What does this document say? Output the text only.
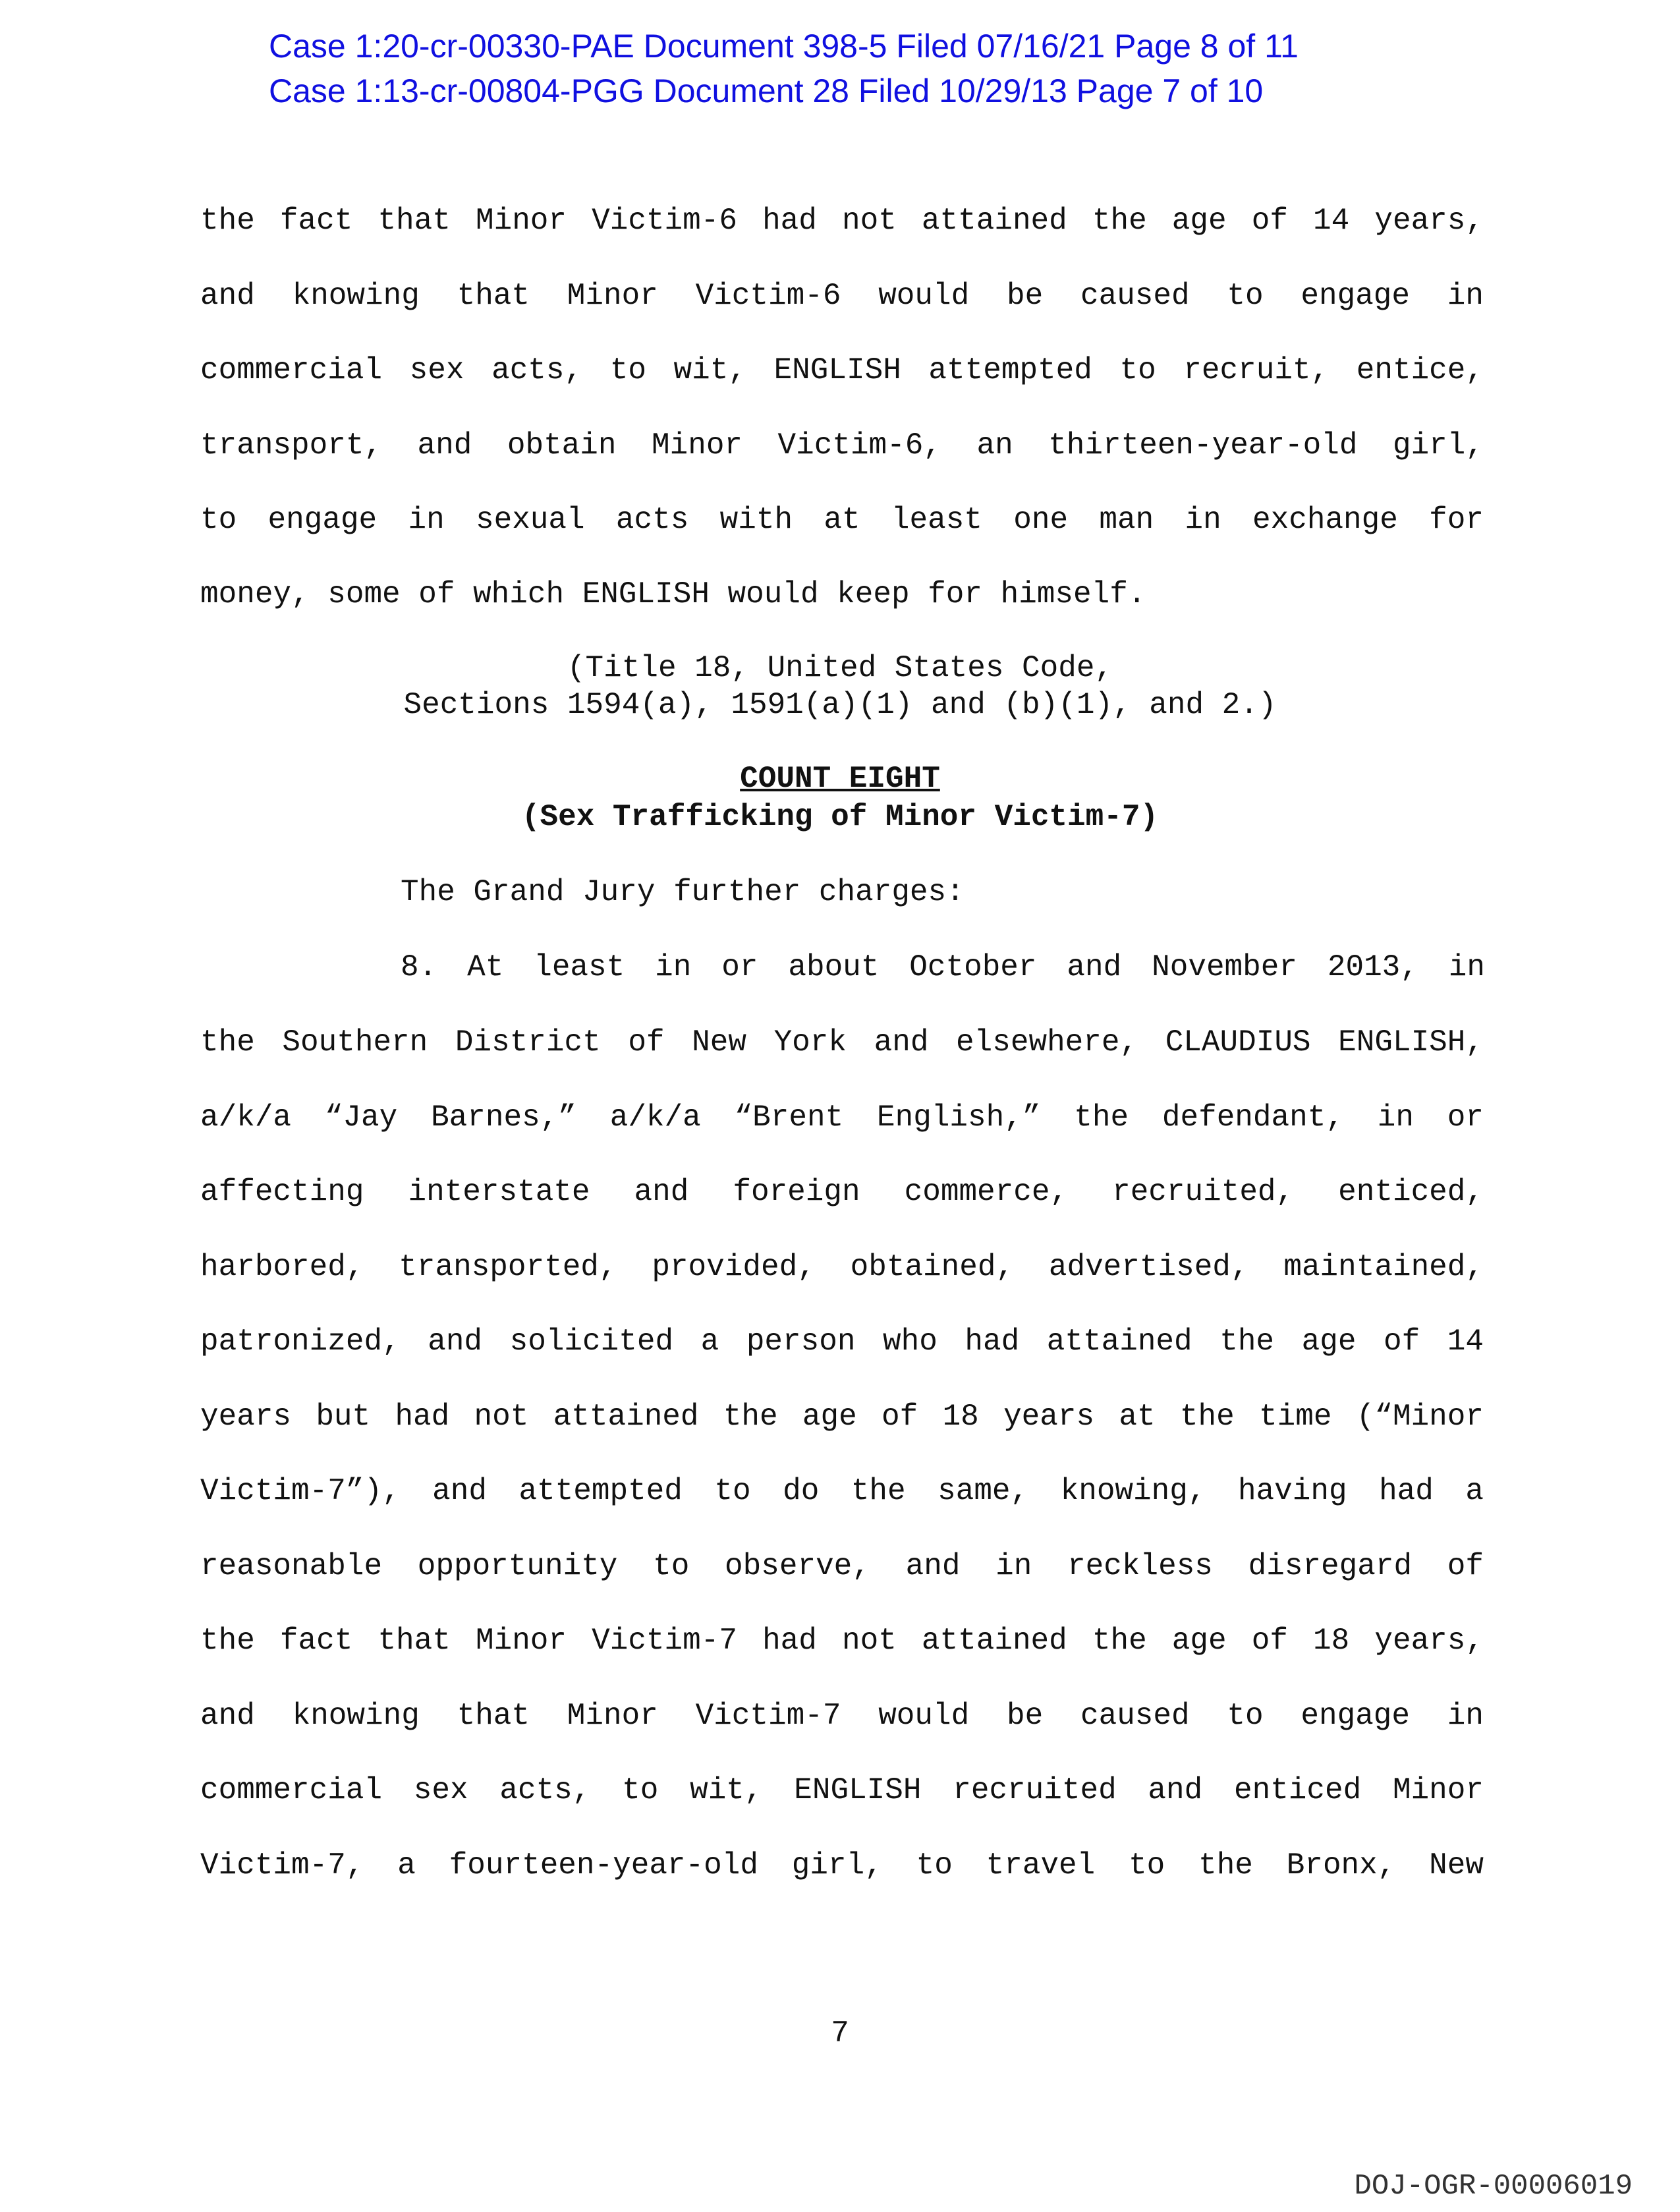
Case 1:20-cr-00330-PAE Document 398-5 Filed 07/16/21 Page 8 of 11
Case 1:13-cr-00804-PGG Document 28 Filed 10/29/13 Page 7 of 10
the fact that Minor Victim-6 had not attained the age of 14 years,
and knowing that Minor Victim-6 would be caused to engage in
commercial sex acts, to wit, ENGLISH attempted to recruit, entice,
transport, and obtain Minor Victim-6, an thirteen-year-old girl,
to engage in sexual acts with at least one man in exchange for
money, some of which ENGLISH would keep for himself.
(Title 18, United States Code,
Sections 1594(a), 1591(a)(1) and (b)(1), and 2.)
COUNT EIGHT
(Sex Trafficking of Minor Victim-7)
The Grand Jury further charges:
8. At least in or about October and November 2013, in
the Southern District of New York and elsewhere, CLAUDIUS ENGLISH,
a/k/a “Jay Barnes,” a/k/a “Brent English,” the defendant, in or
affecting interstate and foreign commerce, recruited, enticed,
harbored, transported, provided, obtained, advertised, maintained,
patronized, and solicited a person who had attained the age of 14
years but had not attained the age of 18 years at the time (“Minor
Victim-7”), and attempted to do the same, knowing, having had a
reasonable opportunity to observe, and in reckless disregard of
the fact that Minor Victim-7 had not attained the age of 18 years,
and knowing that Minor Victim-7 would be caused to engage in
commercial sex acts, to wit, ENGLISH recruited and enticed Minor
Victim-7, a fourteen-year-old girl, to travel to the Bronx, New
7
DOJ-OGR-00006019
